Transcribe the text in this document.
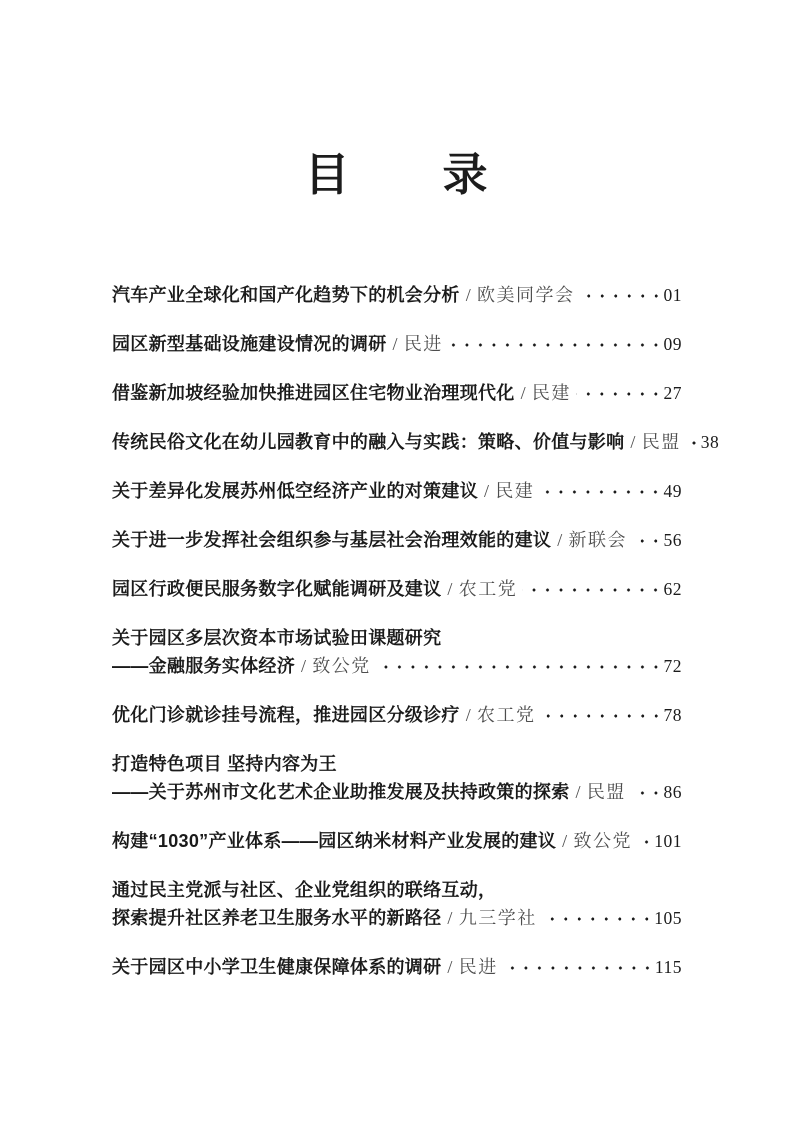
目　　录
汽车产业全球化和国产化趋势下的机会分析 / 欧美同学会	01
园区新型基础设施建设情况的调研 / 民进	09
借鉴新加坡经验加快推进园区住宅物业治理现代化 / 民建	27
传统民俗文化在幼儿园教育中的融入与实践：策略、价值与影响 / 民盟 38
关于差异化发展苏州低空经济产业的对策建议 / 民建	49
关于进一步发挥社会组织参与基层社会治理效能的建议 / 新联会 56
园区行政便民服务数字化赋能调研及建议 / 农工党	62
关于园区多层次资本市场试验田课题研究
——金融服务实体经济 / 致公党	72
优化门诊就诊挂号流程，推进园区分级诊疗 / 农工党	78
打造特色项目 坚持内容为王
——关于苏州市文化艺术企业助推发展及扶持政策的探索 / 民盟 86
构建“1030”产业体系——园区纳米材料产业发展的建议 / 致公党 101
通过民主党派与社区、企业党组织的联络互动，
探索提升社区养老卫生服务水平的新路径 / 九三学社	105
关于园区中小学卫生健康保障体系的调研 / 民进	115
